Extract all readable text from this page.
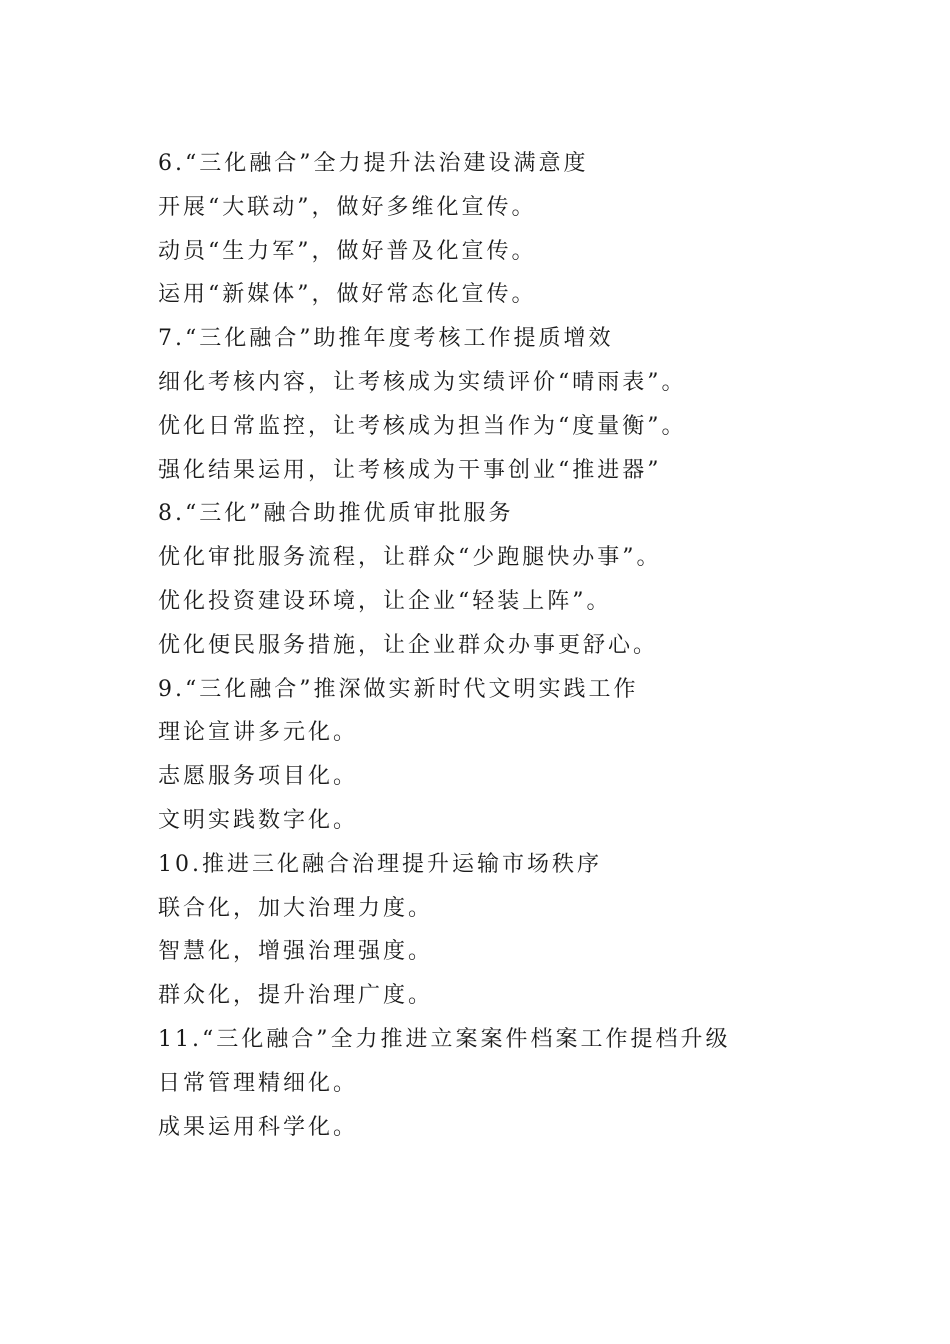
6.“三化融合”全力提升法治建设满意度
开展“大联动”，做好多维化宣传。
动员“生力军”，做好普及化宣传。
运用“新媒体”，做好常态化宣传。
7.“三化融合”助推年度考核工作提质增效
细化考核内容，让考核成为实绩评价“晴雨表”。
优化日常监控，让考核成为担当作为“度量衡”。
强化结果运用，让考核成为干事创业“推进器”
8.“三化”融合助推优质审批服务
优化审批服务流程，让群众“少跑腿快办事”。
优化投资建设环境，让企业“轻装上阵”。
优化便民服务措施，让企业群众办事更舒心。
9.“三化融合”推深做实新时代文明实践工作
理论宣讲多元化。
志愿服务项目化。
文明实践数字化。
10.推进三化融合治理提升运输市场秩序
联合化，加大治理力度。
智慧化，增强治理强度。
群众化，提升治理广度。
11.“三化融合”全力推进立案案件档案工作提档升级
日常管理精细化。
成果运用科学化。
